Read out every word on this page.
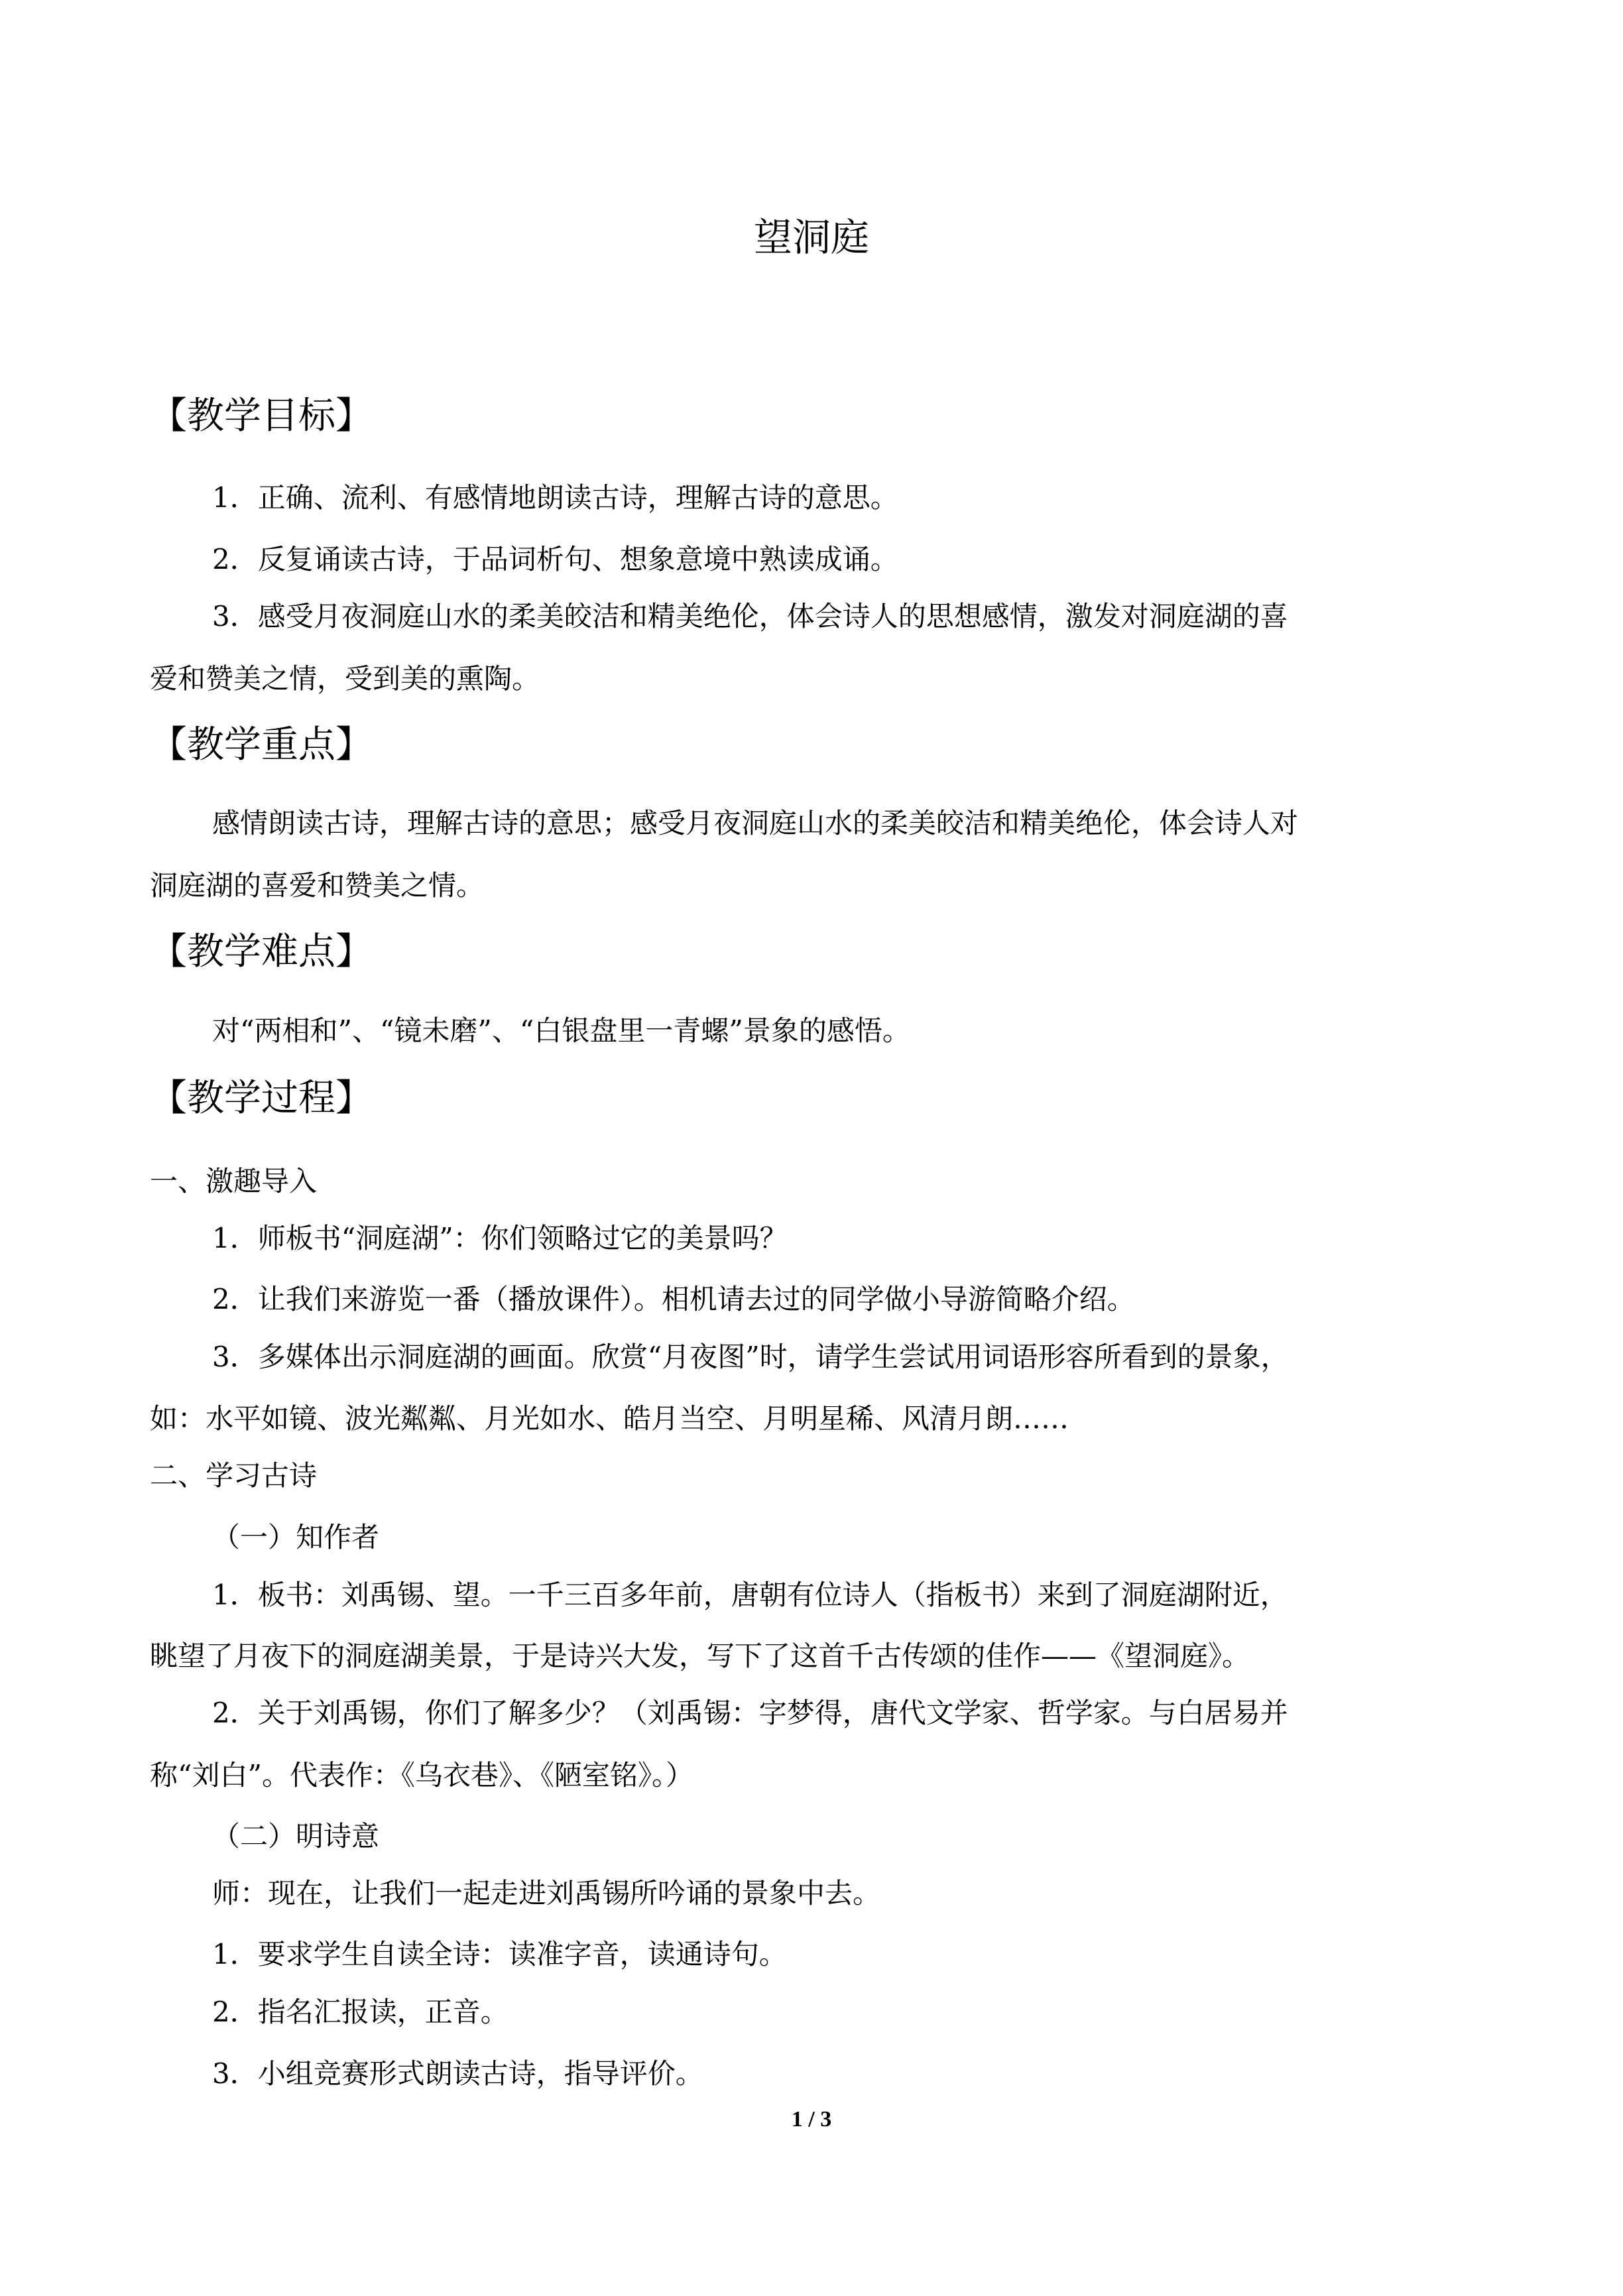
望洞庭
【教学目标】
1．正确、流利、有感情地朗读古诗，理解古诗的意思。
2．反复诵读古诗，于品词析句、想象意境中熟读成诵。
3．感受月夜洞庭山水的柔美皎洁和精美绝伦，体会诗人的思想感情，激发对洞庭湖的喜
爱和赞美之情，受到美的熏陶。
【教学重点】
感情朗读古诗，理解古诗的意思；感受月夜洞庭山水的柔美皎洁和精美绝伦，体会诗人对
洞庭湖的喜爱和赞美之情。
【教学难点】
对“两相和”、“镜未磨”、“白银盘里一青螺”景象的感悟。
【教学过程】
一、激趣导入
1．师板书“洞庭湖”：你们领略过它的美景吗？
2．让我们来游览一番（播放课件）。相机请去过的同学做小导游简略介绍。
3．多媒体出示洞庭湖的画面。欣赏“月夜图”时，请学生尝试用词语形容所看到的景象，
如：水平如镜、波光粼粼、月光如水、皓月当空、月明星稀、风清月朗……
二、学习古诗
（一）知作者
1．板书：刘禹锡、望。一千三百多年前，唐朝有位诗人（指板书）来到了洞庭湖附近，
眺望了月夜下的洞庭湖美景，于是诗兴大发，写下了这首千古传颂的佳作——《望洞庭》。
2．关于刘禹锡，你们了解多少？（刘禹锡：字梦得，唐代文学家、哲学家。与白居易并
称“刘白”。代表作：《乌衣巷》、《陋室铭》。）
（二）明诗意
师：现在，让我们一起走进刘禹锡所吟诵的景象中去。
1．要求学生自读全诗：读准字音，读通诗句。
2．指名汇报读，正音。
3．小组竞赛形式朗读古诗，指导评价。
1 / 3
